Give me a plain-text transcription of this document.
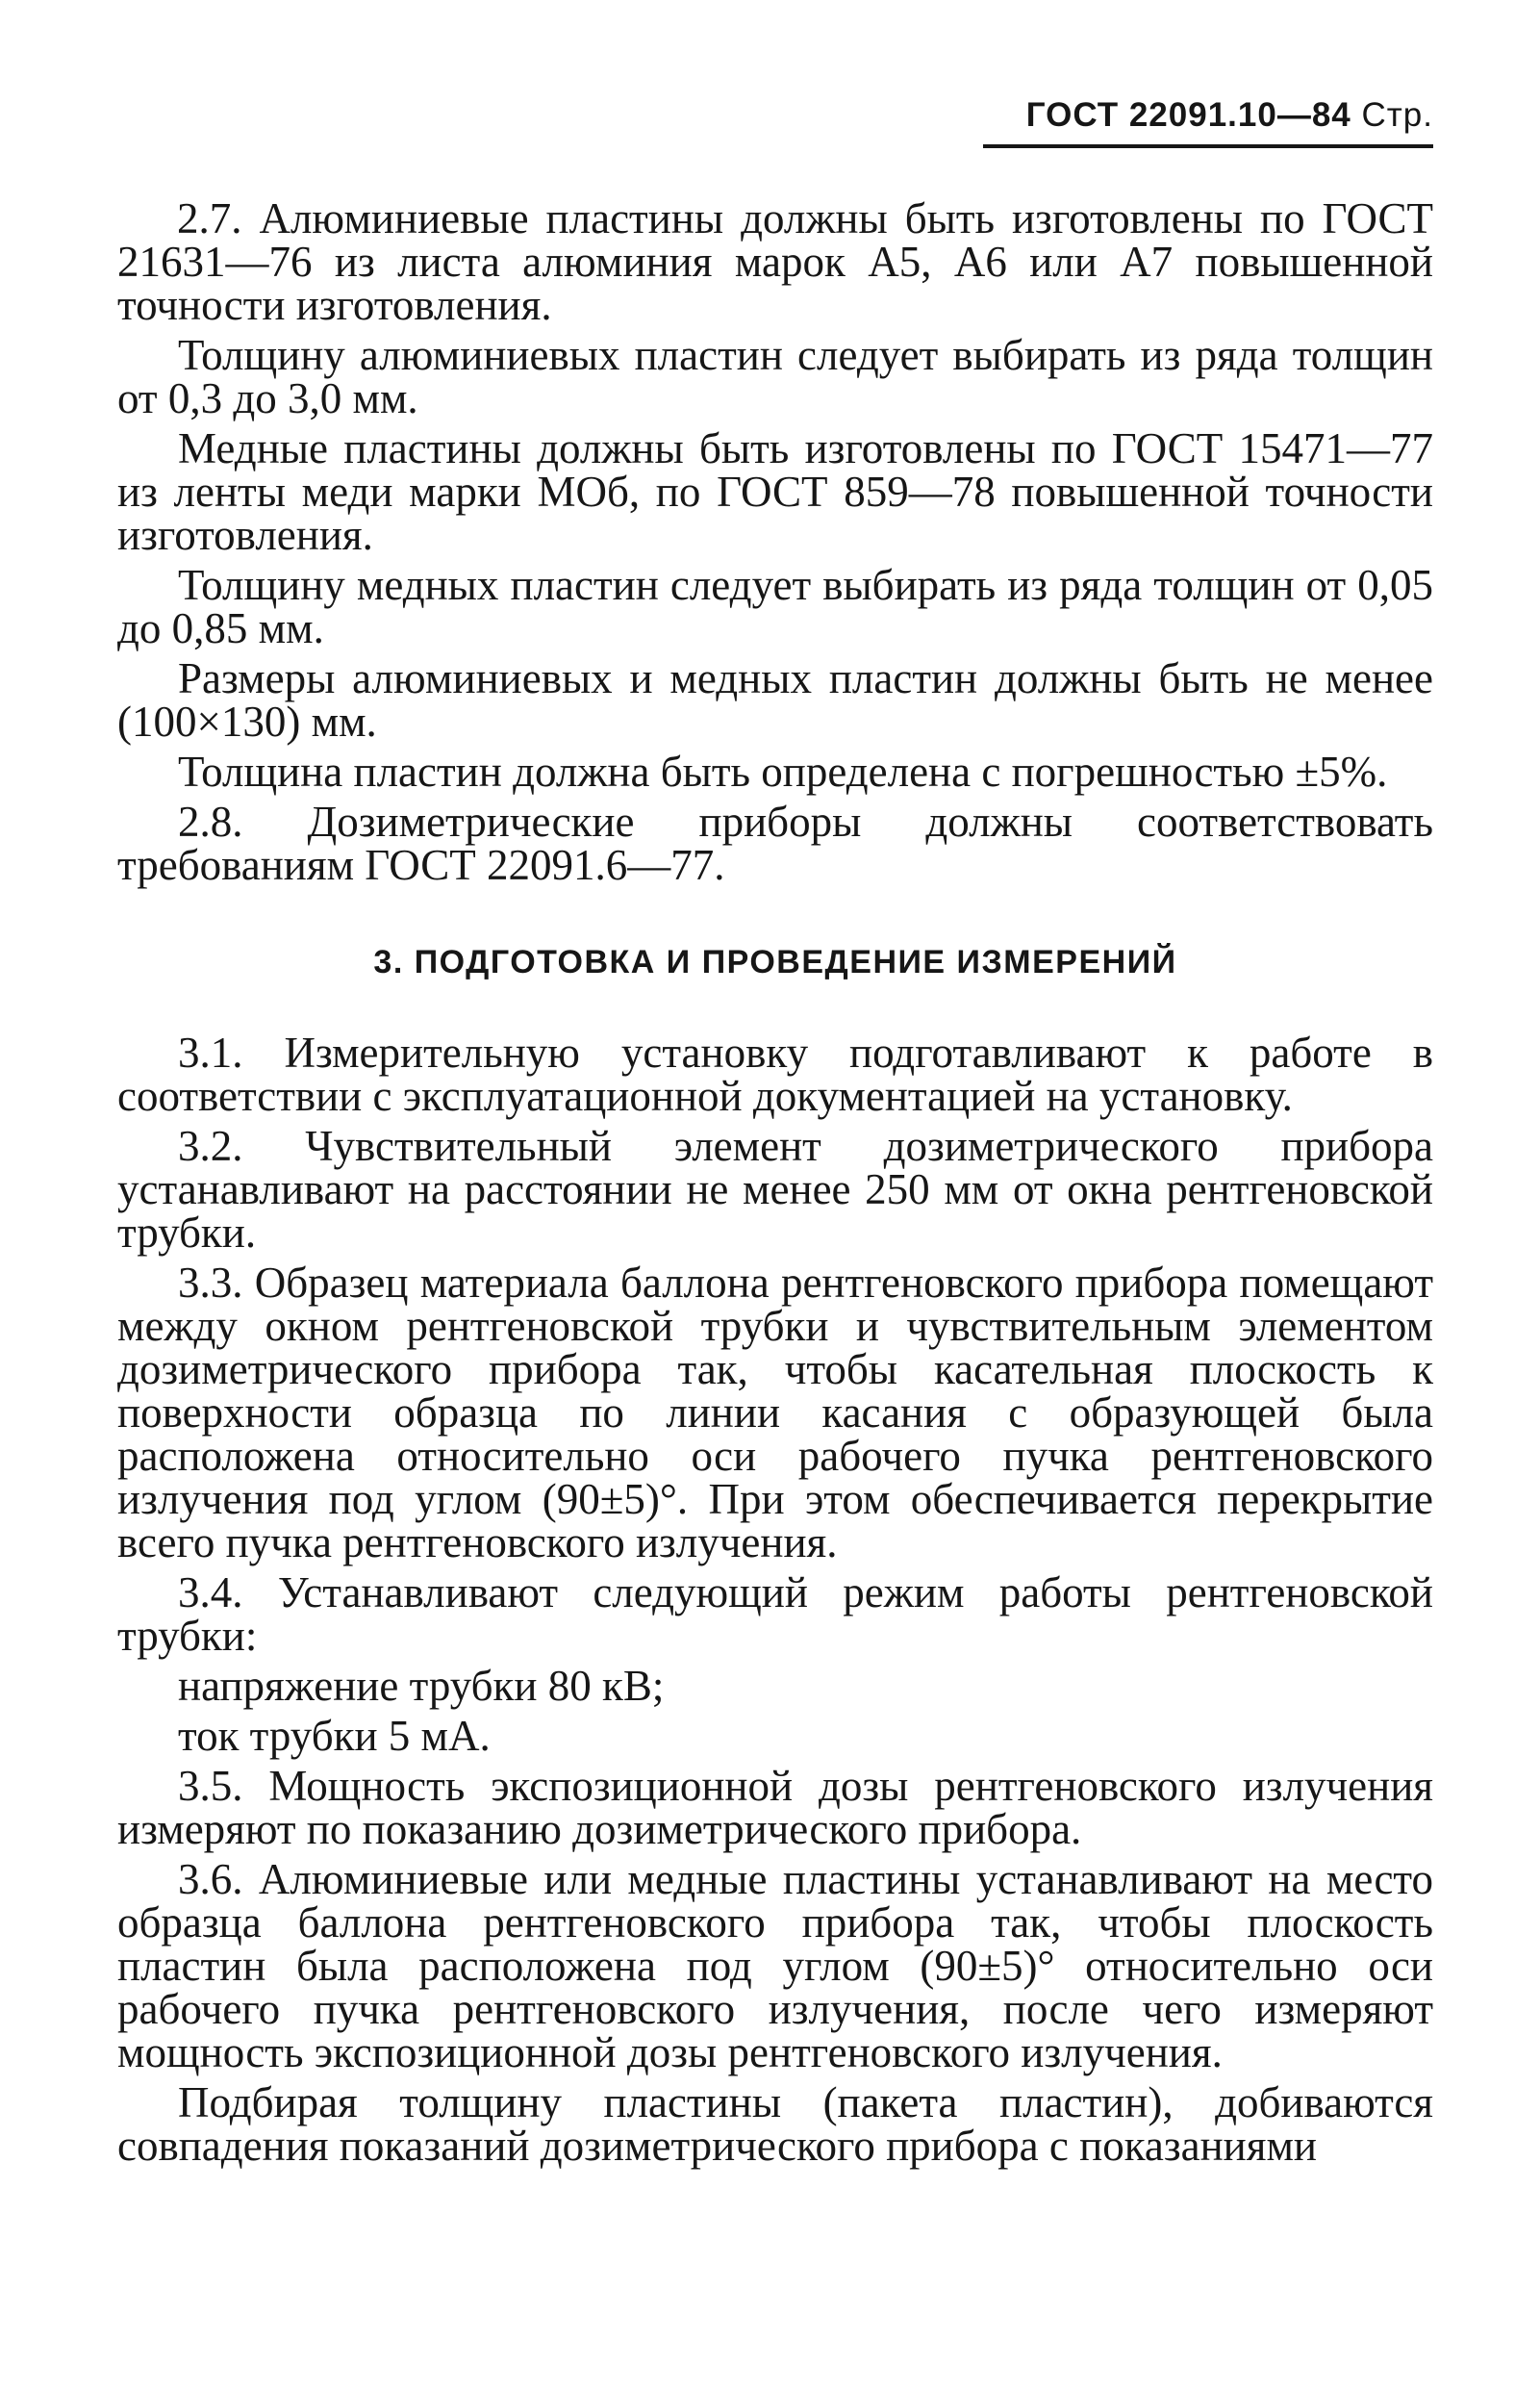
ГОСТ 22091.10—84 Стр.

2.7. Алюминиевые пластины должны быть изготовлены по ГОСТ 21631—76 из листа алюминия марок А5, А6 или А7 повышенной точности изготовления.

Толщину алюминиевых пластин следует выбирать из ряда толщин от 0,3 до 3,0 мм.

Медные пластины должны быть изготовлены по ГОСТ 15471—77 из ленты меди марки МОб, по ГОСТ 859—78 повышенной точности изготовления.

Толщину медных пластин следует выбирать из ряда толщин от 0,05 до 0,85 мм.

Размеры алюминиевых и медных пластин должны быть не менее (100×130) мм.

Толщина пластин должна быть определена с погрешностью ±5%.

2.8. Дозиметрические приборы должны соответствовать требованиям ГОСТ 22091.6—77.

3. ПОДГОТОВКА И ПРОВЕДЕНИЕ ИЗМЕРЕНИЙ

3.1. Измерительную установку подготавливают к работе в соответствии с эксплуатационной документацией на установку.

3.2. Чувствительный элемент дозиметрического прибора устанавливают на расстоянии не менее 250 мм от окна рентгеновской трубки.

3.3. Образец материала баллона рентгеновского прибора помещают между окном рентгеновской трубки и чувствительным элементом дозиметрического прибора так, чтобы касательная плоскость к поверхности образца по линии касания с образующей была расположена относительно оси рабочего пучка рентгеновского излучения под углом (90±5)°. При этом обеспечивается перекрытие всего пучка рентгеновского излучения.

3.4. Устанавливают следующий режим работы рентгеновской трубки:

напряжение трубки 80 кВ;

ток трубки 5 мА.

3.5. Мощность экспозиционной дозы рентгеновского излучения измеряют по показанию дозиметрического прибора.

3.6. Алюминиевые или медные пластины устанавливают на место образца баллона рентгеновского прибора так, чтобы плоскость пластин была расположена под углом (90±5)° относительно оси рабочего пучка рентгеновского излучения, после чего измеряют мощность экспозиционной дозы рентгеновского излучения.

Подбирая толщину пластины (пакета пластин), добиваются совпадения показаний дозиметрического прибора с показаниями
